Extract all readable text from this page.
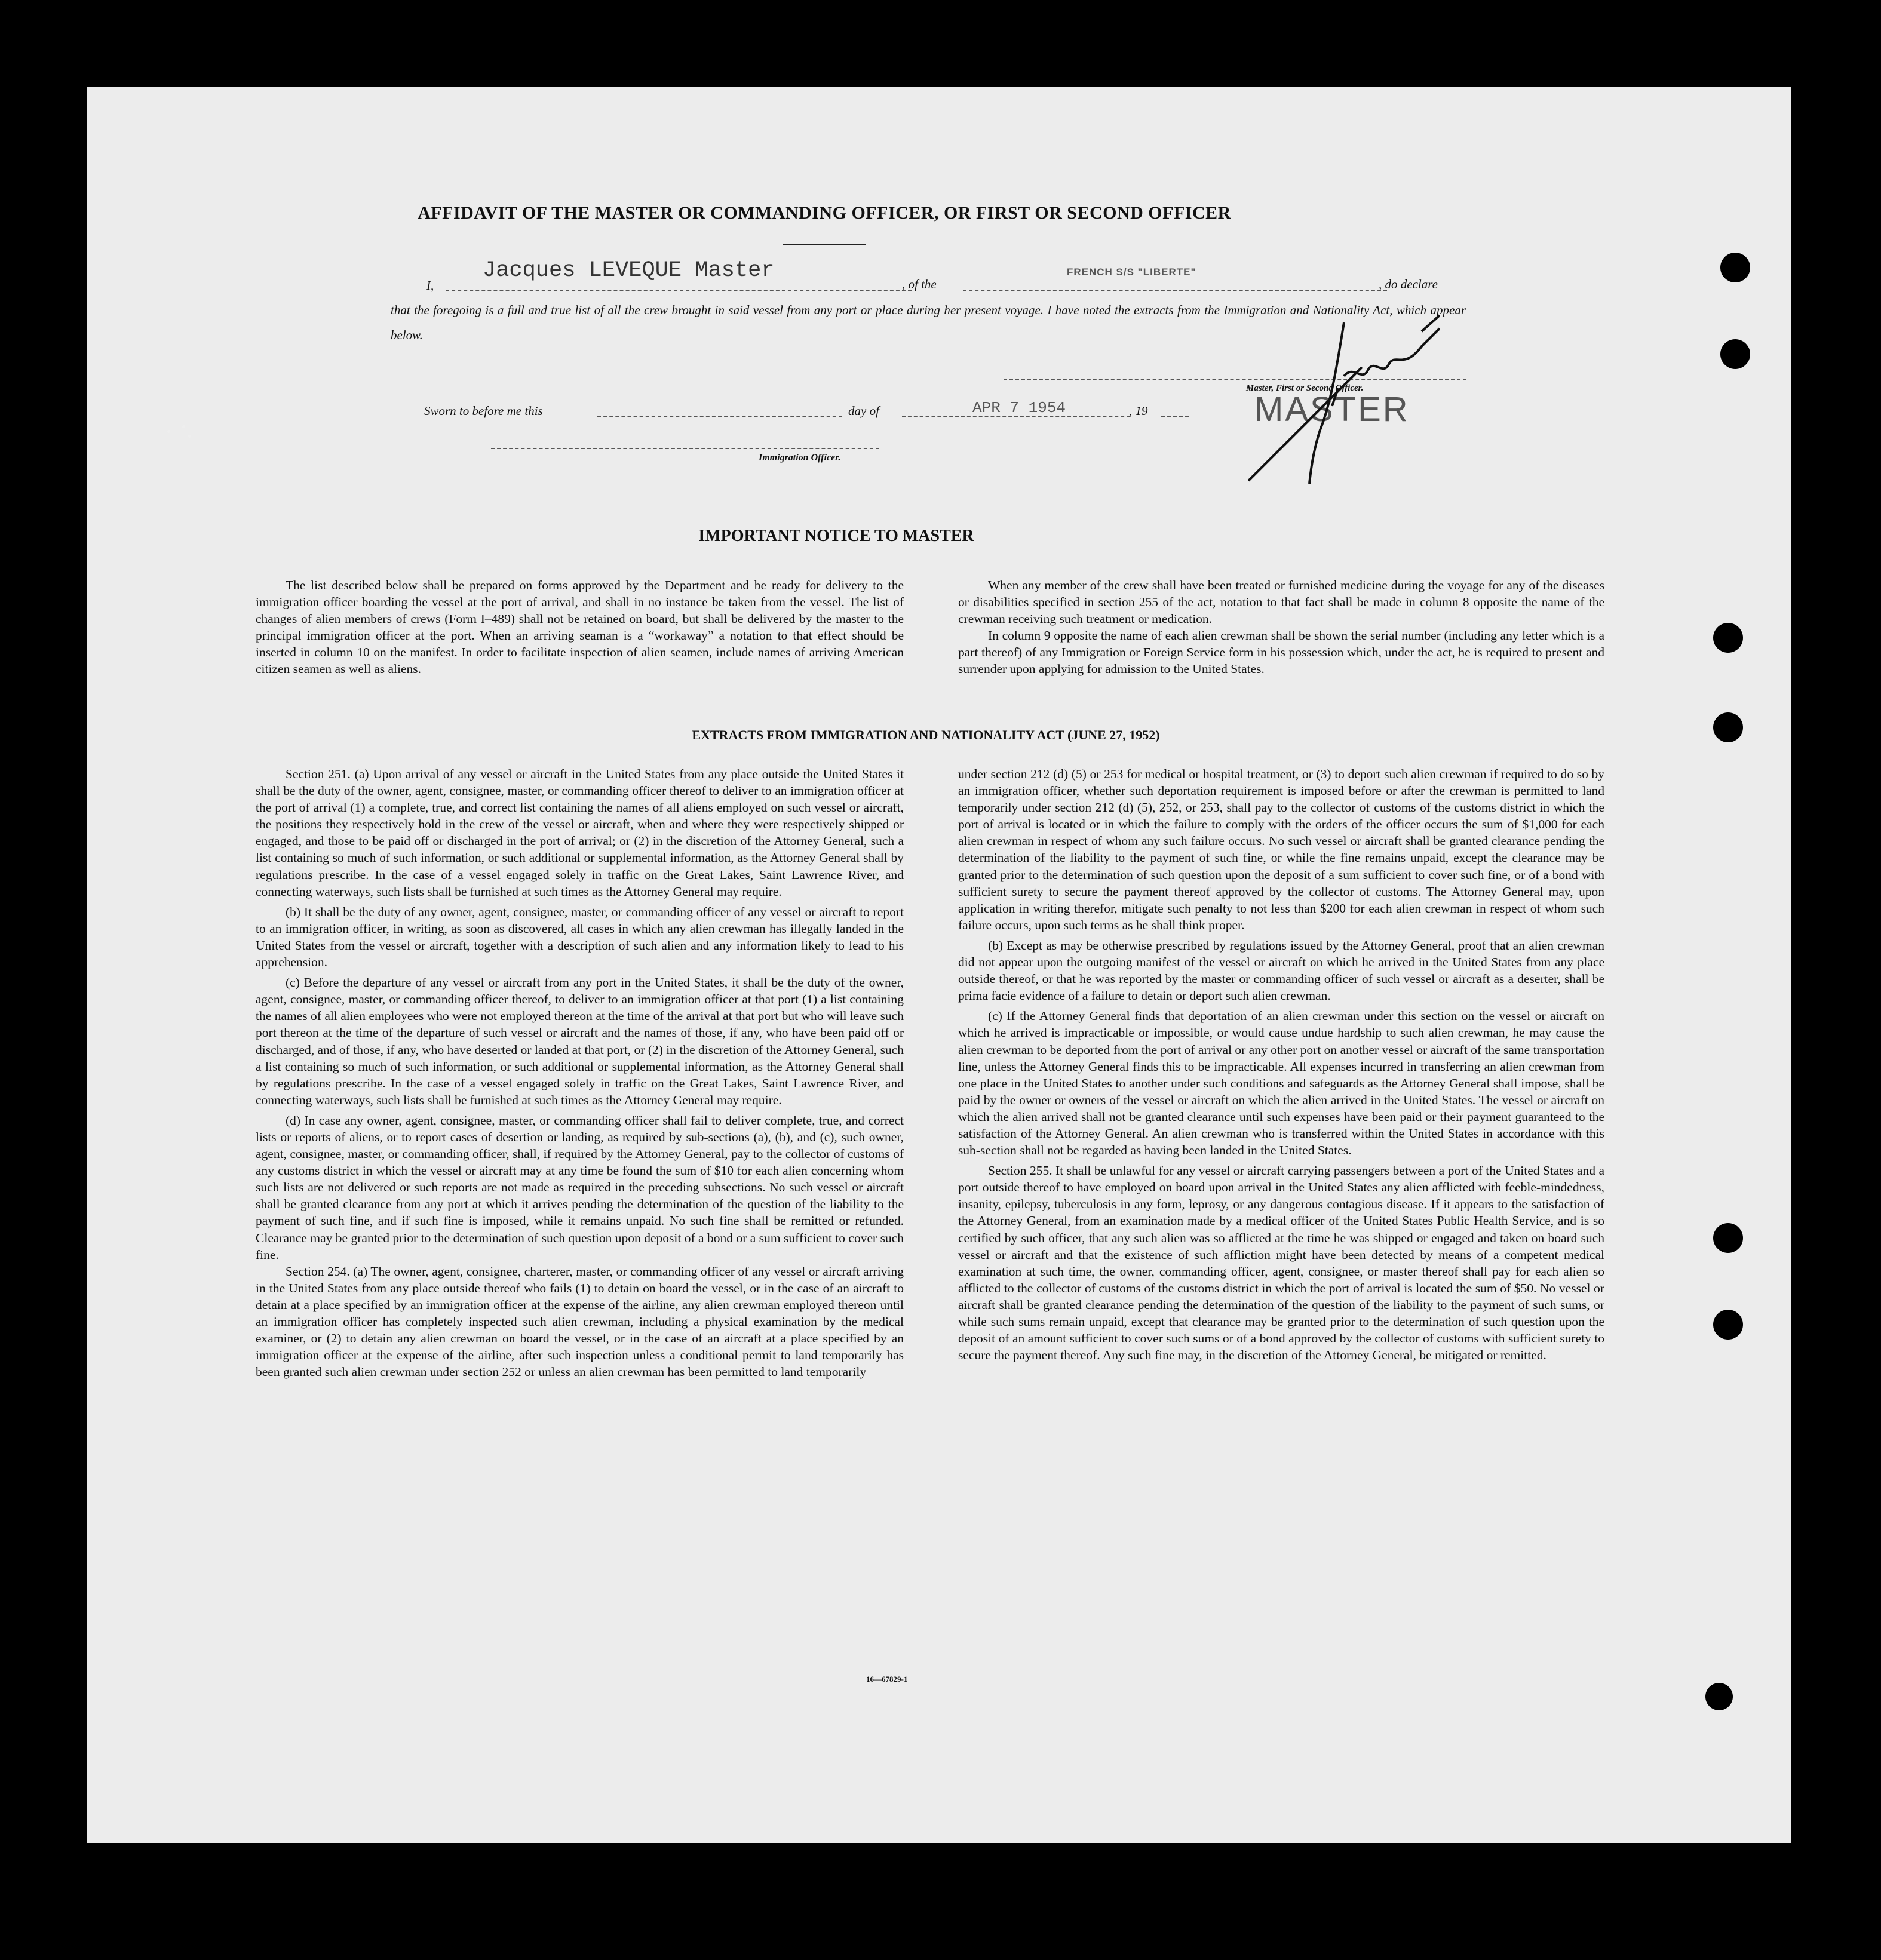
AFFIDAVIT OF THE MASTER OR COMMANDING OFFICER, OR FIRST OR SECOND OFFICER
I,
Jacques LEVEQUE Master
, of the
FRENCH S/S "LIBERTE"
, do declare
that the foregoing is a full and true list of all the crew brought in said vessel from any port or place during her present voyage. I have noted the extracts from the Immigration and Nationality Act, which appear below.
Master, First or Second Officer.
MASTER
Sworn to before me this	day of	APR 7 1954	, 19
Immigration Officer.
IMPORTANT NOTICE TO MASTER

The list described below shall be prepared on forms approved by the Department and be ready for delivery to the immigration officer boarding the vessel at the port of arrival, and shall in no instance be taken from the vessel. The list of changes of alien members of crews (Form I–489) shall not be retained on board, but shall be delivered by the master to the principal immigration officer at the port. When an arriving seaman is a “workaway” a notation to that effect should be inserted in column 10 on the manifest. In order to facilitate inspection of alien seamen, include names of arriving American citizen seamen as well as aliens.

When any member of the crew shall have been treated or furnished medicine during the voyage for any of the diseases or disabilities specified in section 255 of the act, notation to that fact shall be made in column 8 opposite the name of the crewman receiving such treatment or medication.

In column 9 opposite the name of each alien crewman shall be shown the serial number (including any letter which is a part thereof) of any Immigration or Foreign Service form in his possession which, under the act, he is required to present and surrender upon applying for admission to the United States.

EXTRACTS FROM IMMIGRATION AND NATIONALITY ACT (JUNE 27, 1952)

Section 251. (a) Upon arrival of any vessel or aircraft in the United States from any place outside the United States it shall be the duty of the owner, agent, consignee, master, or commanding officer thereof to deliver to an immigration officer at the port of arrival (1) a complete, true, and correct list containing the names of all aliens employed on such vessel or aircraft, the positions they respectively hold in the crew of the vessel or aircraft, when and where they were respectively shipped or engaged, and those to be paid off or discharged in the port of arrival; or (2) in the discretion of the Attorney General, such a list containing so much of such information, or such additional or supplemental information, as the Attorney General shall by regulations prescribe. In the case of a vessel engaged solely in traffic on the Great Lakes, Saint Lawrence River, and connecting waterways, such lists shall be furnished at such times as the Attorney General may require.

(b) It shall be the duty of any owner, agent, consignee, master, or commanding officer of any vessel or aircraft to report to an immigration officer, in writing, as soon as discovered, all cases in which any alien crewman has illegally landed in the United States from the vessel or aircraft, together with a description of such alien and any information likely to lead to his apprehension.

(c) Before the departure of any vessel or aircraft from any port in the United States, it shall be the duty of the owner, agent, consignee, master, or commanding officer thereof, to deliver to an immigration officer at that port (1) a list containing the names of all alien employees who were not employed thereon at the time of the arrival at that port but who will leave such port thereon at the time of the departure of such vessel or aircraft and the names of those, if any, who have been paid off or discharged, and of those, if any, who have deserted or landed at that port, or (2) in the discretion of the Attorney General, such a list containing so much of such information, or such additional or supplemental information, as the Attorney General shall by regulations prescribe. In the case of a vessel engaged solely in traffic on the Great Lakes, Saint Lawrence River, and connecting waterways, such lists shall be furnished at such times as the Attorney General may require.

(d) In case any owner, agent, consignee, master, or commanding officer shall fail to deliver complete, true, and correct lists or reports of aliens, or to report cases of desertion or landing, as required by sub-sections (a), (b), and (c), such owner, agent, consignee, master, or commanding officer, shall, if required by the Attorney General, pay to the collector of customs of any customs district in which the vessel or aircraft may at any time be found the sum of $10 for each alien concerning whom such lists are not delivered or such reports are not made as required in the preceding subsections. No such vessel or aircraft shall be granted clearance from any port at which it arrives pending the determination of the question of the liability to the payment of such fine, and if such fine is imposed, while it remains unpaid. No such fine shall be remitted or refunded. Clearance may be granted prior to the determination of such question upon deposit of a bond or a sum sufficient to cover such fine.

Section 254. (a) The owner, agent, consignee, charterer, master, or commanding officer of any vessel or aircraft arriving in the United States from any place outside thereof who fails (1) to detain on board the vessel, or in the case of an aircraft to detain at a place specified by an immigration officer at the expense of the airline, any alien crewman employed thereon until an immigration officer has completely inspected such alien crewman, including a physical examination by the medical examiner, or (2) to detain any alien crewman on board the vessel, or in the case of an aircraft at a place specified by an immigration officer at the expense of the airline, after such inspection unless a conditional permit to land temporarily has been granted such alien crewman under section 252 or unless an alien crewman has been permitted to land temporarily

under section 212 (d) (5) or 253 for medical or hospital treatment, or (3) to deport such alien crewman if required to do so by an immigration officer, whether such deportation requirement is imposed before or after the crewman is permitted to land temporarily under section 212 (d) (5), 252, or 253, shall pay to the collector of customs of the customs district in which the port of arrival is located or in which the failure to comply with the orders of the officer occurs the sum of $1,000 for each alien crewman in respect of whom any such failure occurs. No such vessel or aircraft shall be granted clearance pending the determination of the liability to the payment of such fine, or while the fine remains unpaid, except the clearance may be granted prior to the determination of such question upon the deposit of a sum sufficient to cover such fine, or of a bond with sufficient surety to secure the payment thereof approved by the collector of customs. The Attorney General may, upon application in writing therefor, mitigate such penalty to not less than $200 for each alien crewman in respect of whom such failure occurs, upon such terms as he shall think proper.

(b) Except as may be otherwise prescribed by regulations issued by the Attorney General, proof that an alien crewman did not appear upon the outgoing manifest of the vessel or aircraft on which he arrived in the United States from any place outside thereof, or that he was reported by the master or commanding officer of such vessel or aircraft as a deserter, shall be prima facie evidence of a failure to detain or deport such alien crewman.

(c) If the Attorney General finds that deportation of an alien crewman under this section on the vessel or aircraft on which he arrived is impracticable or impossible, or would cause undue hardship to such alien crewman, he may cause the alien crewman to be deported from the port of arrival or any other port on another vessel or aircraft of the same transportation line, unless the Attorney General finds this to be impracticable. All expenses incurred in transferring an alien crewman from one place in the United States to another under such conditions and safeguards as the Attorney General shall impose, shall be paid by the owner or owners of the vessel or aircraft on which the alien arrived in the United States. The vessel or aircraft on which the alien arrived shall not be granted clearance until such expenses have been paid or their payment guaranteed to the satisfaction of the Attorney General. An alien crewman who is transferred within the United States in accordance with this sub-section shall not be regarded as having been landed in the United States.

Section 255. It shall be unlawful for any vessel or aircraft carrying passengers between a port of the United States and a port outside thereof to have employed on board upon arrival in the United States any alien afflicted with feeble-mindedness, insanity, epilepsy, tuberculosis in any form, leprosy, or any dangerous contagious disease. If it appears to the satisfaction of the Attorney General, from an examination made by a medical officer of the United States Public Health Service, and is so certified by such officer, that any such alien was so afflicted at the time he was shipped or engaged and taken on board such vessel or aircraft and that the existence of such affliction might have been detected by means of a competent medical examination at such time, the owner, commanding officer, agent, consignee, or master thereof shall pay for each alien so afflicted to the collector of customs of the customs district in which the port of arrival is located the sum of $50. No vessel or aircraft shall be granted clearance pending the determination of the question of the liability to the payment of such sums, or while such sums remain unpaid, except that clearance may be granted prior to the determination of such question upon the deposit of an amount sufficient to cover such sums or of a bond approved by the collector of customs with sufficient surety to secure the payment thereof. Any such fine may, in the discretion of the Attorney General, be mitigated or remitted.

16—67829-1
